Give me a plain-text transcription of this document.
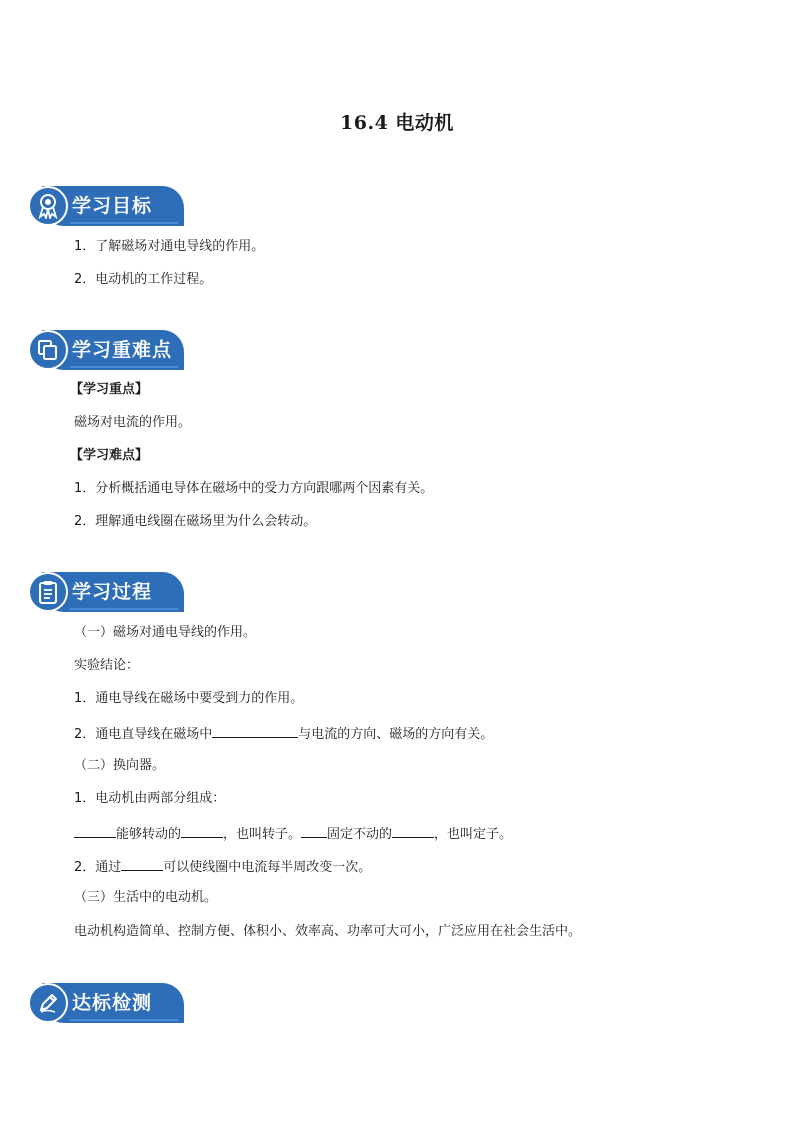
16.4 电动机
学习目标
1．了解磁场对通电导线的作用。
2．电动机的工作过程。
学习重难点
【学习重点】
磁场对电流的作用。
【学习难点】
1．分析概括通电导体在磁场中的受力方向跟哪两个因素有关。
2．理解通电线圈在磁场里为什么会转动。
学习过程
（一）磁场对通电导线的作用。
实验结论：
1．通电导线在磁场中要受到力的作用。
2．通电直导线在磁场中	与电流的方向、磁场的方向有关。
（二）换向器。
1．电动机由两部分组成：
能够转动的	，也叫转子。 固定不动的	，也叫定子。
2．通过	可以使线圈中电流每半周改变一次。
（三）生活中的电动机。
电动机构造简单、控制方便、体积小、效率高、功率可大可小，广泛应用在社会生活中。
达标检测
